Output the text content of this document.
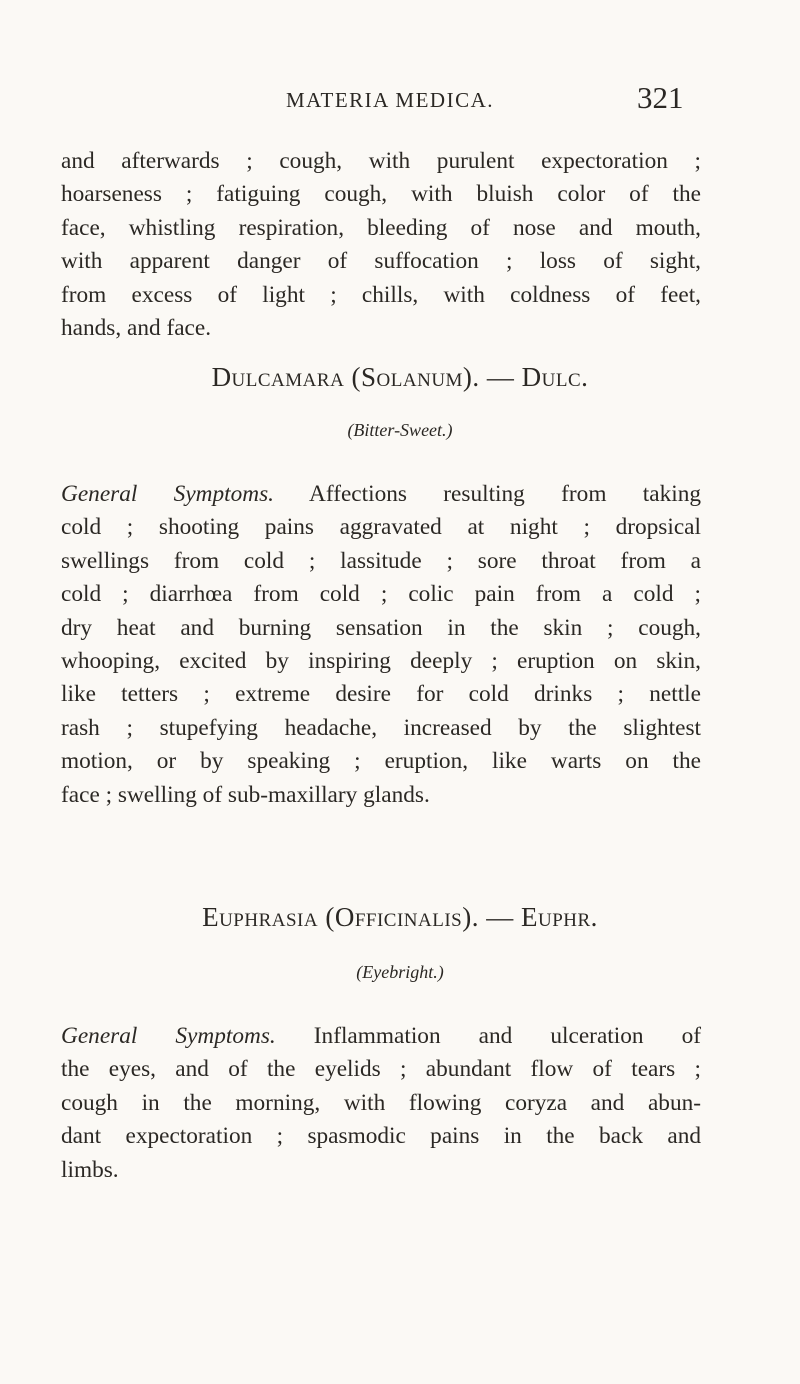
MATERIA MEDICA.	321
and afterwards ; cough, with purulent expectoration ;
hoarseness ; fatiguing cough, with bluish color of the
face, whistling respiration, bleeding of nose and mouth,
with apparent danger of suffocation ; loss of sight,
from excess of light ; chills, with coldness of feet,
hands, and face.
Dulcamara (Solanum). — Dulc.
(Bitter-Sweet.)
General Symptoms. Affections resulting from taking
cold ; shooting pains aggravated at night ; dropsical
swellings from cold ; lassitude ; sore throat from a
cold ; diarrhœa from cold ; colic pain from a cold ;
dry heat and burning sensation in the skin ; cough,
whooping, excited by inspiring deeply ; eruption on skin,
like tetters ; extreme desire for cold drinks ; nettle
rash ; stupefying headache, increased by the slightest
motion, or by speaking ; eruption, like warts on the
face ; swelling of sub-maxillary glands.
Euphrasia (Officinalis). — Euphr.
(Eyebright.)
General Symptoms. Inflammation and ulceration of
the eyes, and of the eyelids ; abundant flow of tears ;
cough in the morning, with flowing coryza and abun-
dant expectoration ; spasmodic pains in the back and
limbs.
